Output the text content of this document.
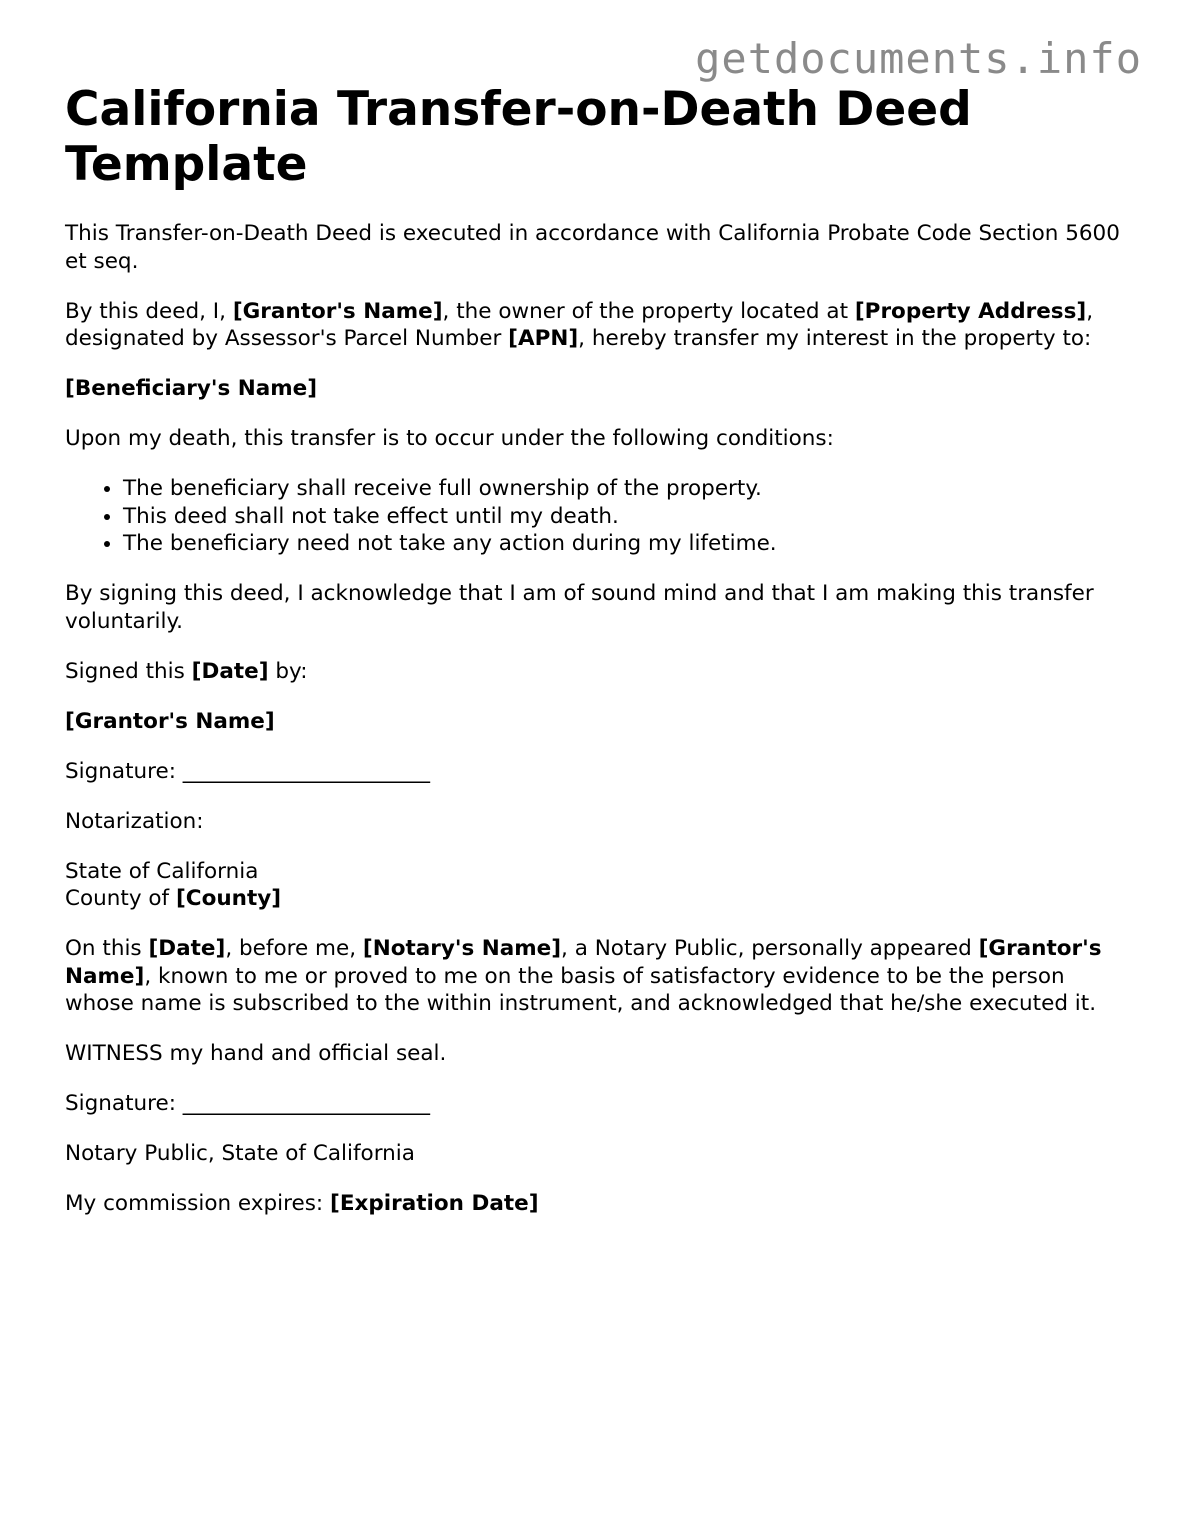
getdocuments.info
California Transfer-on-Death Deed Template

This Transfer-on-Death Deed is executed in accordance with California Probate Code Section 5600 et seq.

By this deed, I, [Grantor's Name], the owner of the property located at [Property Address], designated by Assessor's Parcel Number [APN], hereby transfer my interest in the property to:

[Beneficiary's Name]

Upon my death, this transfer is to occur under the following conditions:

• The beneficiary shall receive full ownership of the property.
• This deed shall not take effect until my death.
• The beneficiary need not take any action during my lifetime.

By signing this deed, I acknowledge that I am of sound mind and that I am making this transfer voluntarily.

Signed this [Date] by:

[Grantor's Name]

Signature: _______________________

Notarization:

State of California
County of [County]

On this [Date], before me, [Notary's Name], a Notary Public, personally appeared [Grantor's Name], known to me or proved to me on the basis of satisfactory evidence to be the person whose name is subscribed to the within instrument, and acknowledged that he/she executed it.

WITNESS my hand and official seal.

Signature: _______________________

Notary Public, State of California

My commission expires: [Expiration Date]
